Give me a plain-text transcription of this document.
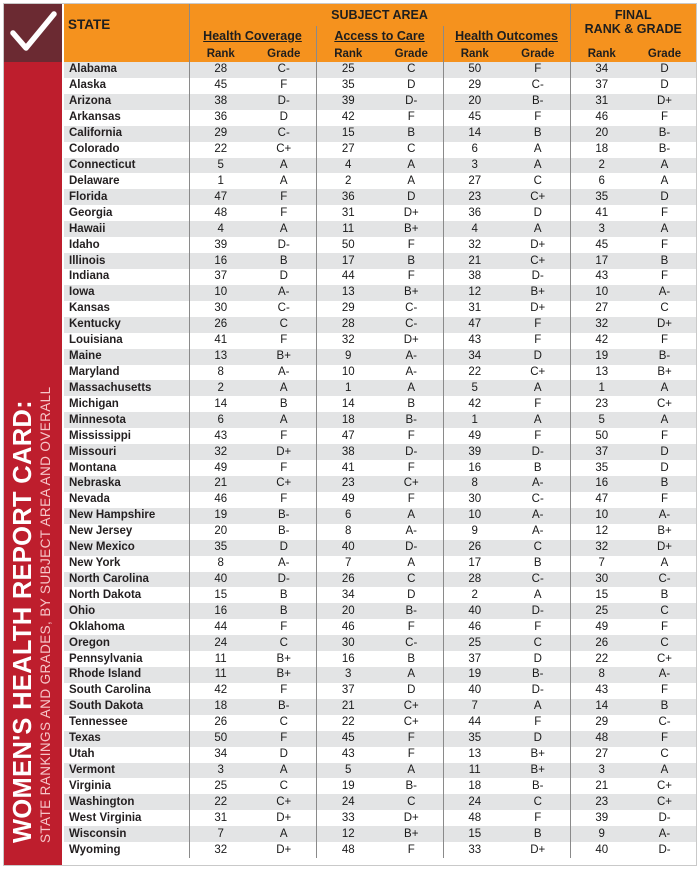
WOMEN'S HEALTH REPORT CARD: STATE RANKINGS AND GRADES, BY SUBJECT AREA AND OVERALL
STATE	SUBJECT AREA						FINAL
RANK & GRADE	
	Health Coverage		Access to Care		Health Outcomes			
	Rank	Grade	Rank	Grade	Rank	Grade	Rank	Grade
Alabama	28	C-	25	C	50	F	34	D
Alaska	45	F	35	D	29	C-	37	D
Arizona	38	D-	39	D-	20	B-	31	D+
Arkansas	36	D	42	F	45	F	46	F
California	29	C-	15	B	14	B	20	B-
Colorado	22	C+	27	C	6	A	18	B-
Connecticut	5	A	4	A	3	A	2	A
Delaware	1	A	2	A	27	C	6	A
Florida	47	F	36	D	23	C+	35	D
Georgia	48	F	31	D+	36	D	41	F
Hawaii	4	A	11	B+	4	A	3	A
Idaho	39	D-	50	F	32	D+	45	F
Illinois	16	B	17	B	21	C+	17	B
Indiana	37	D	44	F	38	D-	43	F
Iowa	10	A-	13	B+	12	B+	10	A-
Kansas	30	C-	29	C-	31	D+	27	C
Kentucky	26	C	28	C-	47	F	32	D+
Louisiana	41	F	32	D+	43	F	42	F
Maine	13	B+	9	A-	34	D	19	B-
Maryland	8	A-	10	A-	22	C+	13	B+
Massachusetts	2	A	1	A	5	A	1	A
Michigan	14	B	14	B	42	F	23	C+
Minnesota	6	A	18	B-	1	A	5	A
Mississippi	43	F	47	F	49	F	50	F
Missouri	32	D+	38	D-	39	D-	37	D
Montana	49	F	41	F	16	B	35	D
Nebraska	21	C+	23	C+	8	A-	16	B
Nevada	46	F	49	F	30	C-	47	F
New Hampshire	19	B-	6	A	10	A-	10	A-
New Jersey	20	B-	8	A-	9	A-	12	B+
New Mexico	35	D	40	D-	26	C	32	D+
New York	8	A-	7	A	17	B	7	A
North Carolina	40	D-	26	C	28	C-	30	C-
North Dakota	15	B	34	D	2	A	15	B
Ohio	16	B	20	B-	40	D-	25	C
Oklahoma	44	F	46	F	46	F	49	F
Oregon	24	C	30	C-	25	C	26	C
Pennsylvania	11	B+	16	B	37	D	22	C+
Rhode Island	11	B+	3	A	19	B-	8	A-
South Carolina	42	F	37	D	40	D-	43	F
South Dakota	18	B-	21	C+	7	A	14	B
Tennessee	26	C	22	C+	44	F	29	C-
Texas	50	F	45	F	35	D	48	F
Utah	34	D	43	F	13	B+	27	C
Vermont	3	A	5	A	11	B+	3	A
Virginia	25	C	19	B-	18	B-	21	C+
Washington	22	C+	24	C	24	C	23	C+
West Virginia	31	D+	33	D+	48	F	39	D-
Wisconsin	7	A	12	B+	15	B	9	A-
Wyoming	32	D+	48	F	33	D+	40	D-
